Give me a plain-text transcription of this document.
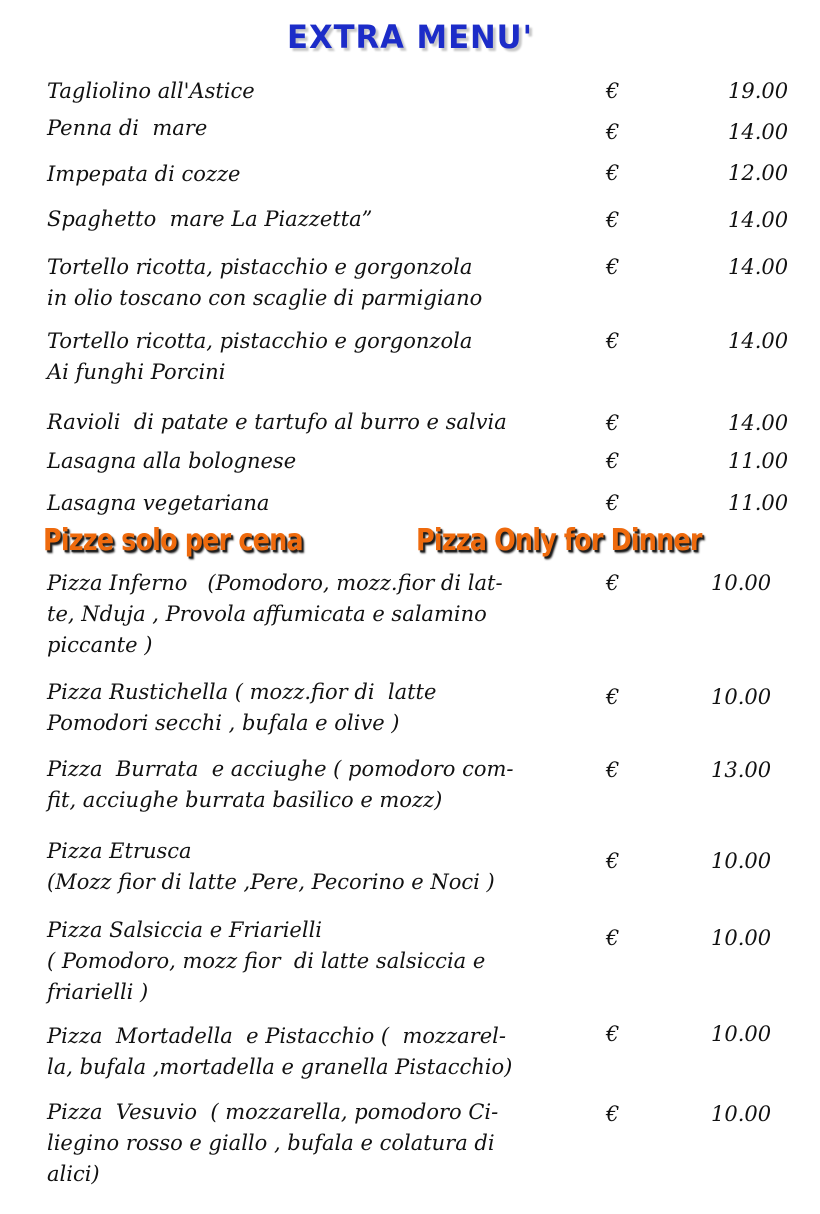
EXTRA MENU'
Tagliolino all'Astice	€	19.00
Penna di  mare	€	14.00
Impepata di cozze	€	12.00
Spaghetto  mare La Piazzetta”	€	14.00
Tortello ricotta, pistacchio e gorgonzola
in olio toscano con scaglie di parmigiano
€	14.00
Tortello ricotta, pistacchio e gorgonzola
Ai funghi Porcini
€	14.00
Ravioli  di patate e tartufo al burro e salvia	€	14.00
Lasagna alla bolognese	€	11.00
Lasagna vegetariana	€	11.00
Pizze solo per cena	Pizza Only for Dinner
Pizza Inferno   (Pomodoro, mozz.fior di lat-
te, Nduja , Provola affumicata e salamino
piccante )
€	10.00
Pizza Rustichella ( mozz.fior di  latte
Pomodori secchi , bufala e olive )
€	10.00
Pizza  Burrata  e acciughe ( pomodoro com-
fit, acciughe burrata basilico e mozz)
€	13.00
Pizza Etrusca
(Mozz fior di latte ,Pere, Pecorino e Noci )
€	10.00
Pizza Salsiccia e Friarielli
( Pomodoro, mozz fior  di latte salsiccia e
friarielli )
€	10.00
Pizza  Mortadella  e Pistacchio (  mozzarel-
la, bufala ,mortadella e granella Pistacchio)
€	10.00
Pizza  Vesuvio  ( mozzarella, pomodoro Ci-
liegino rosso e giallo , bufala e colatura di
alici)
€	10.00
